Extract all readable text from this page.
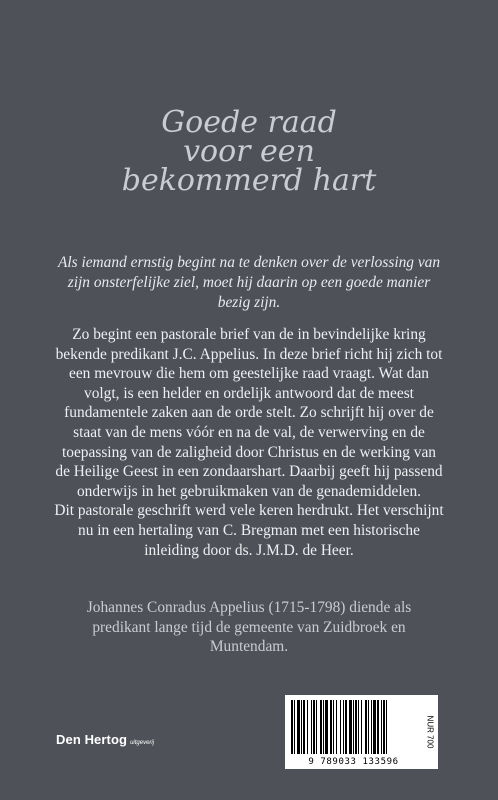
Goede raad
voor een
bekommerd hart

Als iemand ernstig begint na te denken over de verlossing van zijn onsterfelijke ziel, moet hij daarin op een goede manier bezig zijn.

Zo begint een pastorale brief van de in bevindelijke kring bekende predikant J.C. Appelius. In deze brief richt hij zich tot een mevrouw die hem om geestelijke raad vraagt. Wat dan volgt, is een helder en ordelijk antwoord dat de meest fundamentele zaken aan de orde stelt. Zo schrijft hij over de staat van de mens vóór en na de val, de verwerving en de toepassing van de zaligheid door Christus en de werking van de Heilige Geest in een zondaarshart. Daarbij geeft hij passend onderwijs in het gebruikmaken van de genademiddelen.

Dit pastorale geschrift werd vele keren herdrukt. Het verschijnt nu in een hertaling van C. Bregman met een historische inleiding door ds. J.M.D. de Heer.

Johannes Conradus Appelius (1715-1798) diende als predikant lange tijd de gemeente van Zuidbroek en Muntendam.

Den Hertog uitgeverij
9 789033 133596
NUR 700
